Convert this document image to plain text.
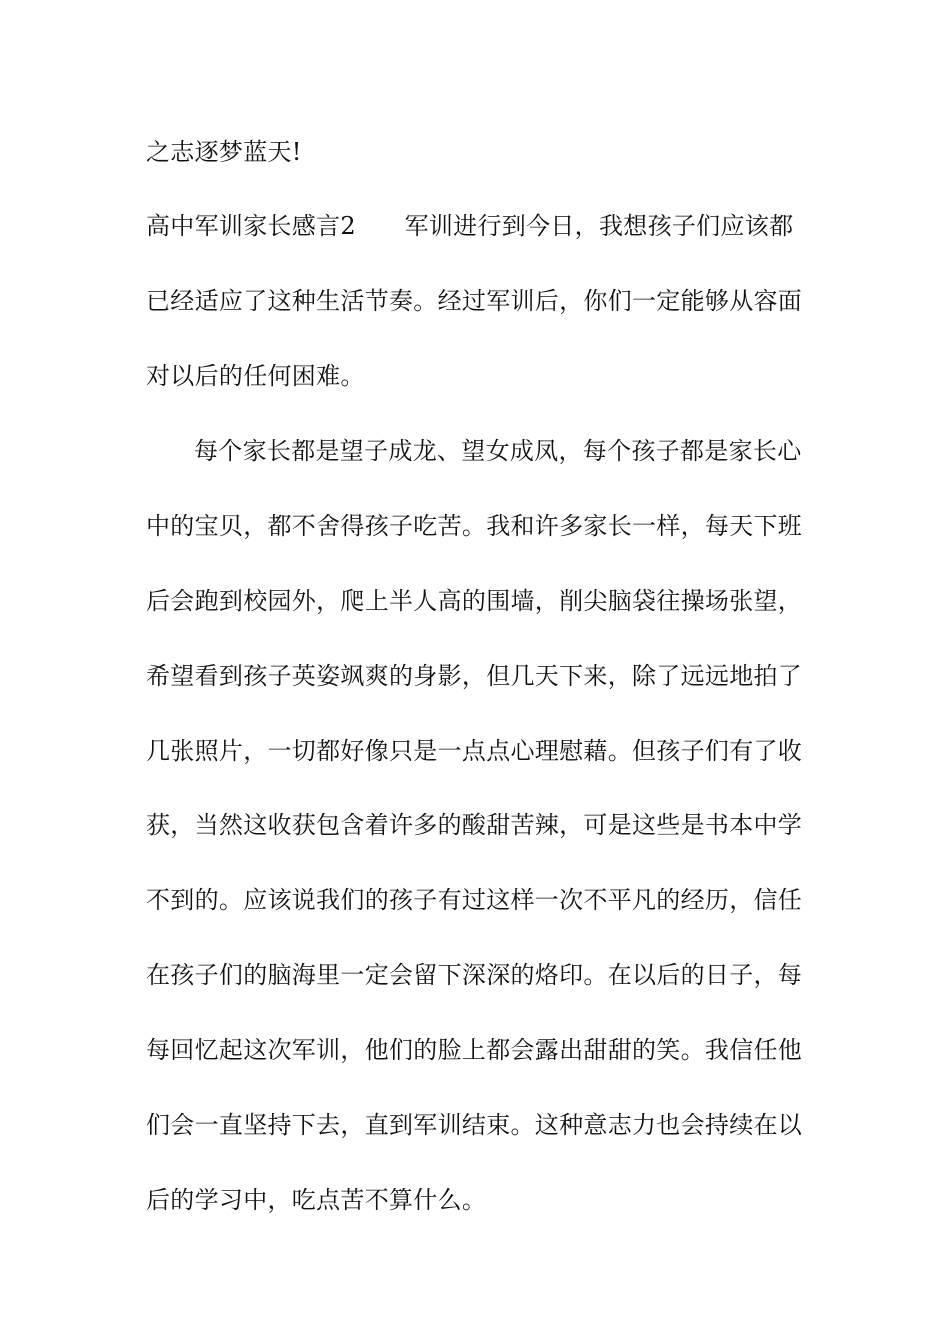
之志逐梦蓝天!
高中军训家长感言2　　军训进行到今日，我想孩子们应该都
已经适应了这种生活节奏。经过军训后，你们一定能够从容面
对以后的任何困难。
每个家长都是望子成龙、望女成凤，每个孩子都是家长心
中的宝贝，都不舍得孩子吃苦。我和许多家长一样，每天下班
后会跑到校园外，爬上半人高的围墙，削尖脑袋往操场张望，
希望看到孩子英姿飒爽的身影，但几天下来，除了远远地拍了
几张照片，一切都好像只是一点点心理慰藉。但孩子们有了收
获，当然这收获包含着许多的酸甜苦辣，可是这些是书本中学
不到的。应该说我们的孩子有过这样一次不平凡的经历，信任
在孩子们的脑海里一定会留下深深的烙印。在以后的日子，每
每回忆起这次军训，他们的脸上都会露出甜甜的笑。我信任他
们会一直坚持下去，直到军训结束。这种意志力也会持续在以
后的学习中，吃点苦不算什么。
